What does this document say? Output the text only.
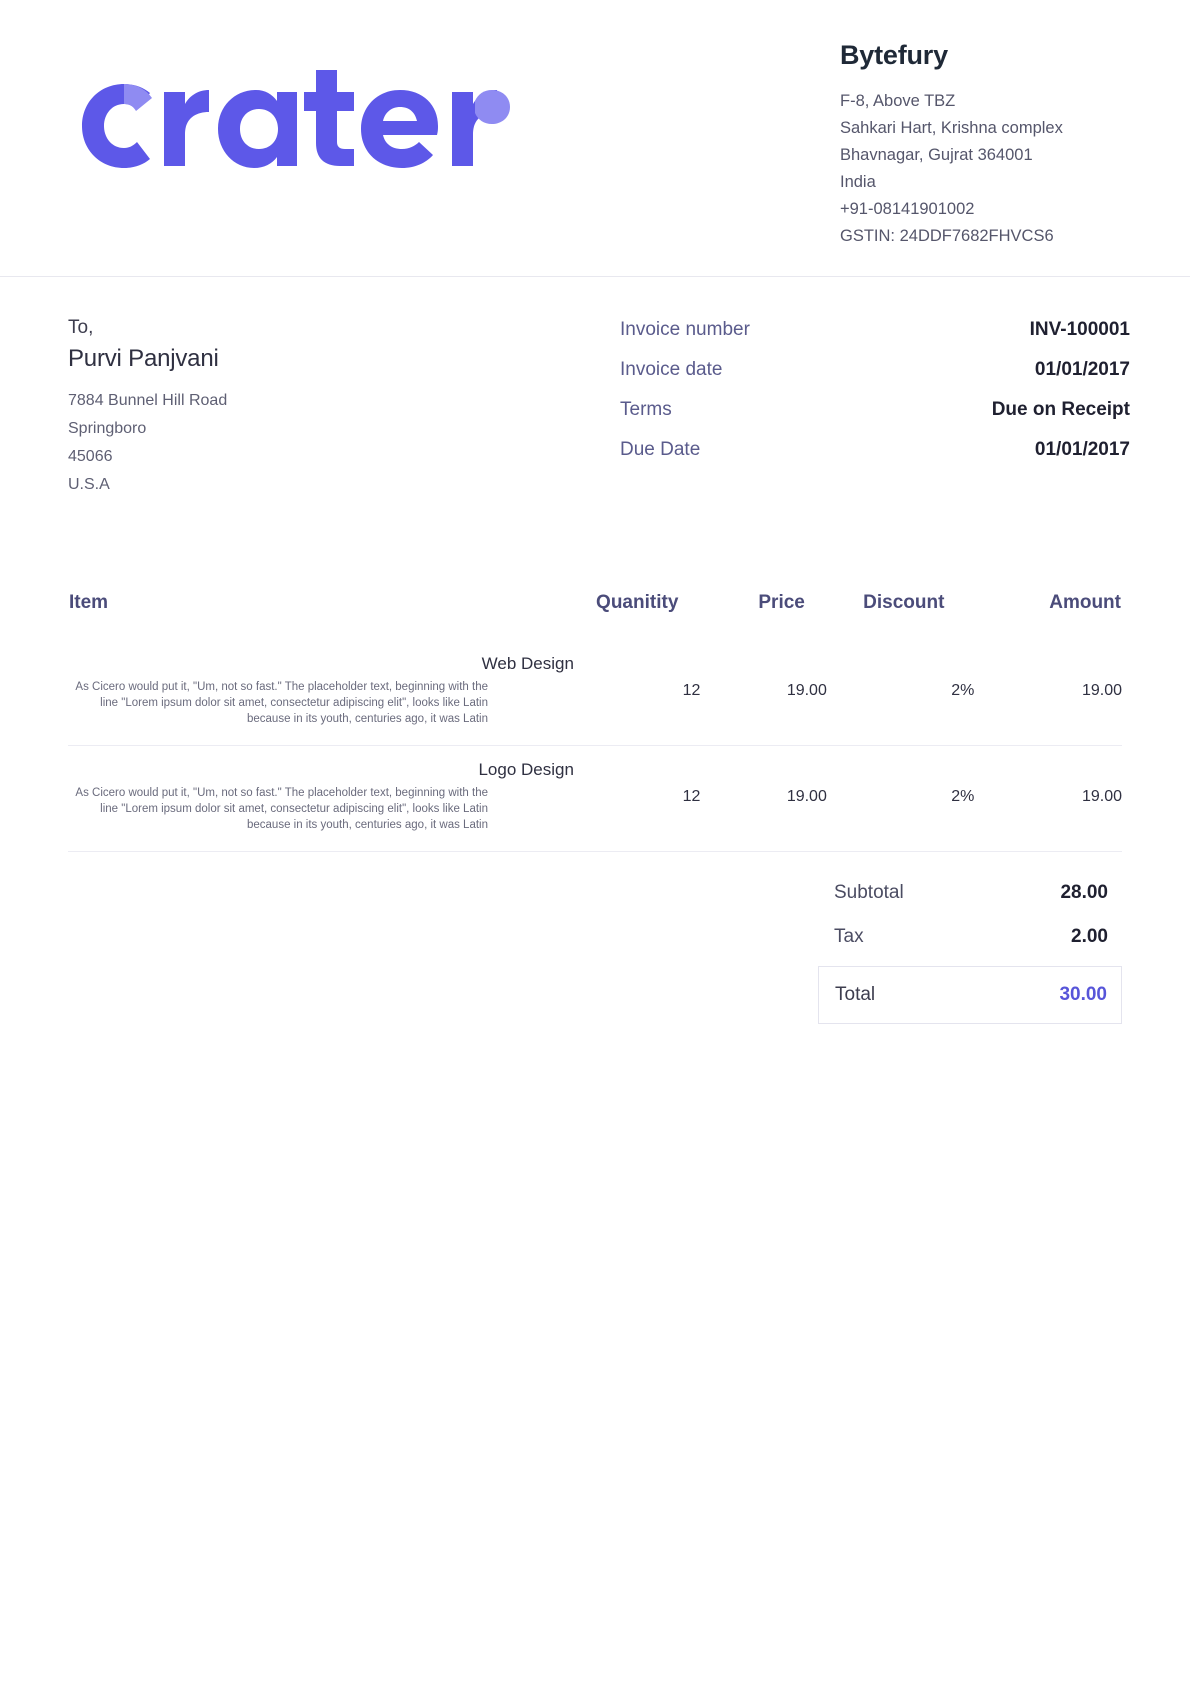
Bytefury
F-8, Above TBZ
Sahkari Hart, Krishna complex
Bhavnagar, Gujrat 364001
India
+91-08141901002
GSTIN: 24DDF7682FHVCS6
To,
Purvi Panjvani
7884 Bunnel Hill Road
Springboro
45066
U.S.A
Invoice number	INV-100001
Invoice date	01/01/2017
Terms	Due on Receipt
Due Date	01/01/2017
Item	Quanitity	Price	Discount	Amount

Web Design
As Cicero would put it, "Um, not so fast." The placeholder text, beginning with the line "Lorem ipsum dolor sit amet, consectetur adipiscing elit", looks like Latin because in its youth, centuries ago, it was Latin	12	19.00	2%	19.00

Logo Design
As Cicero would put it, "Um, not so fast." The placeholder text, beginning with the line "Lorem ipsum dolor sit amet, consectetur adipiscing elit", looks like Latin because in its youth, centuries ago, it was Latin	12	19.00	2%	19.00
Subtotal	28.00
Tax	2.00
Total	30.00
